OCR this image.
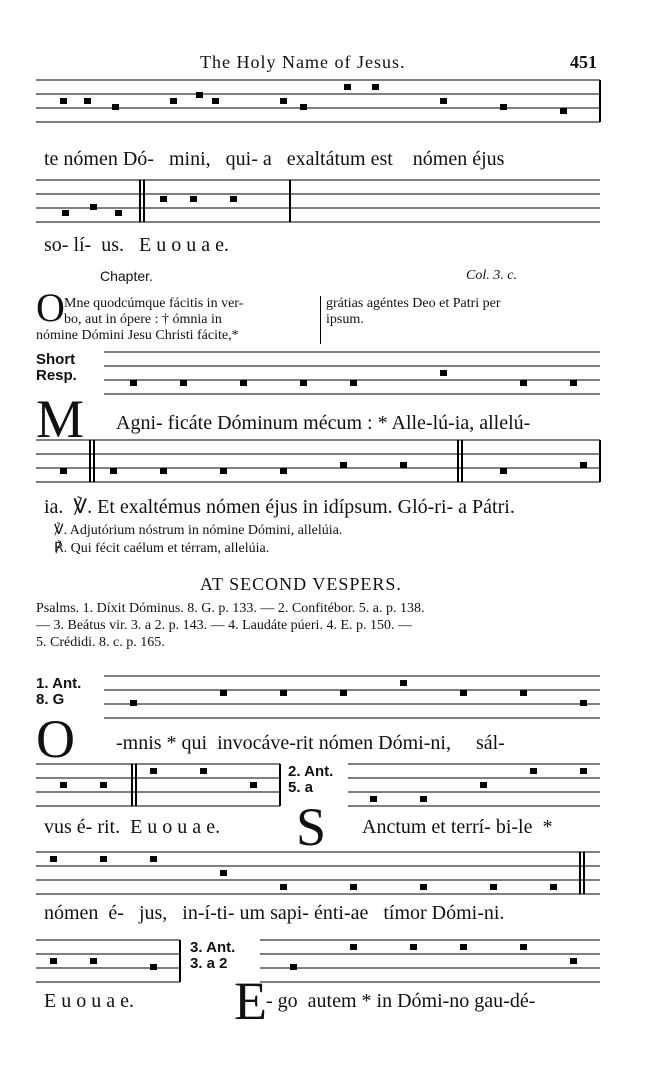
The Holy Name of Jesus.	451
te nómen Dó-   mini,   qui- a   exaltátum est    nómen éjus
so- lí-  us.   E u o u a e.
Chapter.	Col. 3. c.
O Mne quodcúmque fácitis in ver-
bo, aut in ópere : † ómnia in
nómine Dómini Jesu Christi fácite,*
grátias agéntes Deo et Patri per
ipsum.
Short
Resp.
M Agni- ficáte Dóminum mécum : * Alle-lú-ia, allelú-
ia.  ℣. Et exaltémus nómen éjus in idípsum. Gló-ri- a Pátri.
℣. Adjutórium nóstrum in nómine Dómini, allelúia.
℟. Qui fécit caélum et térram, allelúia.
AT SECOND VESPERS.
Psalms. 1. Díxit Dóminus. 8. G. p. 133. — 2. Confitébor. 5. a. p. 138.
— 3. Beátus vir. 3. a 2. p. 143. — 4. Laudáte púeri. 4. E. p. 150. —
5. Crédidi. 8. c. p. 165.
1. Ant.
8. G
O -mnis * qui  invocáve-rit nómen Dómi-ni,     sál-
vus é- rit.  E u o u a e.
2. Ant.
5. a
S Anctum et terrí- bi-le  *
nómen  é-   jus,   in-í-ti- um sapi- énti-ae   tímor Dómi-ni.
E u o u a e.
3. Ant.
3. a 2
E - go  autem * in Dómi-no gau-dé-
